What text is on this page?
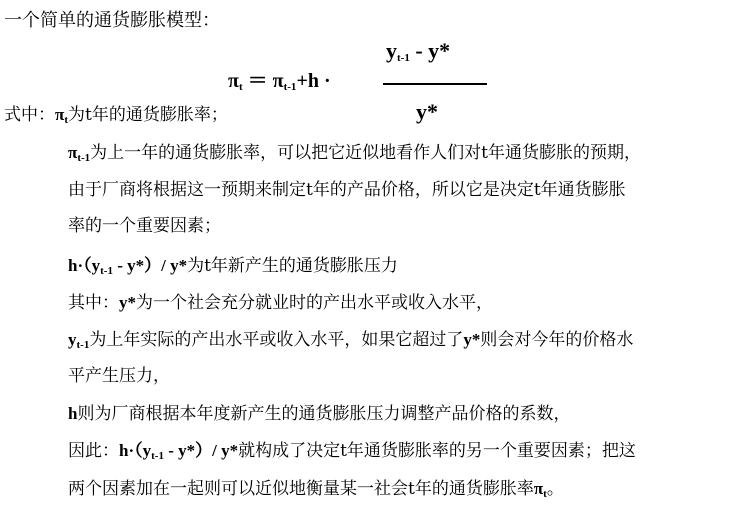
一个简单的通货膨胀模型：
$\pi_t = \pi_{t-1}+h$ ·
$y_{t-1} - y*$
y*
式中：$\pi_t$为t年的通货膨胀率；
$\pi_{t-1}$为上一年的通货膨胀率，可以把它近似地看作人们对t年通货膨胀的预期，
由于厂商将根据这一预期来制定t年的产品价格，所以它是决定t年通货膨胀
率的一个重要因素；
$h\cdot(y_{t-1} - y*)/$ y*为t年新产生的通货膨胀压力
其中：y*为一个社会充分就业时的产出水平或收入水平，
$y_{t-1}$为上年实际的产出水平或收入水平，如果它超过了y*则会对今年的价格水
平产生压力，
h则为厂商根据本年度新产生的通货膨胀压力调整产品价格的系数，
因此：$h\cdot(y_{t-1} - y*)/$ y*就构成了决定t年通货膨胀率的另一个重要因素；把这
两个因素加在一起则可以近似地衡量某一社会t年的通货膨胀率$\pi_t$。
